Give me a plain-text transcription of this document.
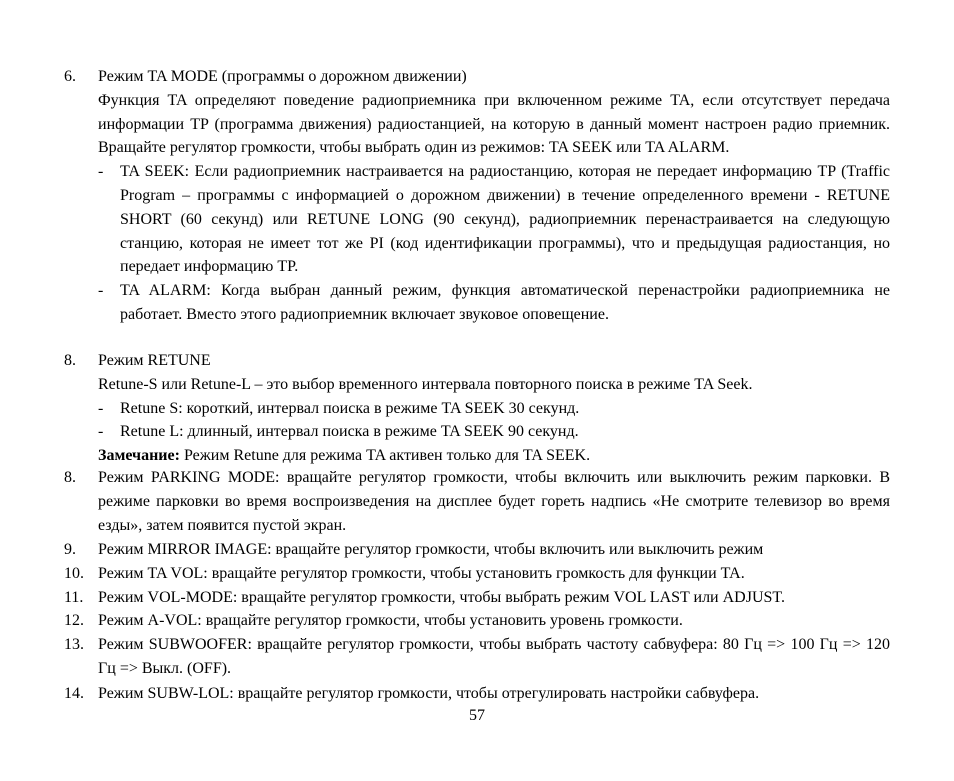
6.	Режим TA MODE (программы о дорожном движении)

Функция TA определяют поведение радиоприемника при включенном режиме TA, если отсутствует передача информации TP (программа движения) радиостанцией, на которую в данный момент настроен радио приемник. Вращайте регулятор громкости, чтобы выбрать один из режимов: TA SEEK или TA ALARM.

- TA SEEK: Если радиоприемник настраивается на радиостанцию, которая не передает информацию TP (Traffic Program – программы с информацией о дорожном движении) в течение определенного времени - RETUNE SHORT (60 секунд) или RETUNE LONG (90 секунд), радиоприемник перенастраивается на следующую станцию, которая не имеет тот же PI (код идентификации программы), что и предыдущая радиостанция, но передает информацию TP.
- TA ALARM: Когда выбран данный режим, функция автоматической перенастройки радиоприемника не работает. Вместо этого радиоприемник включает звуковое оповещение.
8.	Режим RETUNE

Retune-S или Retune-L – это выбор временного интервала повторного поиска в режиме TA Seek.

- Retune S: короткий, интервал поиска в режиме TA SEEK 30 секунд.
- Retune L: длинный, интервал поиска в режиме TA SEEK 90 секунд.

Замечание: Режим Retune для режима TA активен только для TA SEEK.

8.	Режим PARKING MODE: вращайте регулятор громкости, чтобы включить или выключить режим парковки. В режиме парковки во время воспроизведения на дисплее будет гореть надпись «Не смотрите телевизор во время езды», затем появится пустой экран.

9.	Режим MIRROR IMAGE: вращайте регулятор громкости, чтобы включить или выключить режим

10. Режим TA VOL: вращайте регулятор громкости, чтобы установить громкость для функции TA.

11. Режим VOL-MODE: вращайте регулятор громкости, чтобы выбрать режим VOL LAST или ADJUST.

12. Режим A-VOL: вращайте регулятор громкости, чтобы установить уровень громкости.

13. Режим SUBWOOFER: вращайте регулятор громкости, чтобы выбрать частоту сабвуфера: 80 Гц => 100 Гц => 120 Гц => Выкл. (OFF).

14. Режим SUBW-LOL: вращайте регулятор громкости, чтобы отрегулировать настройки сабвуфера.

57
